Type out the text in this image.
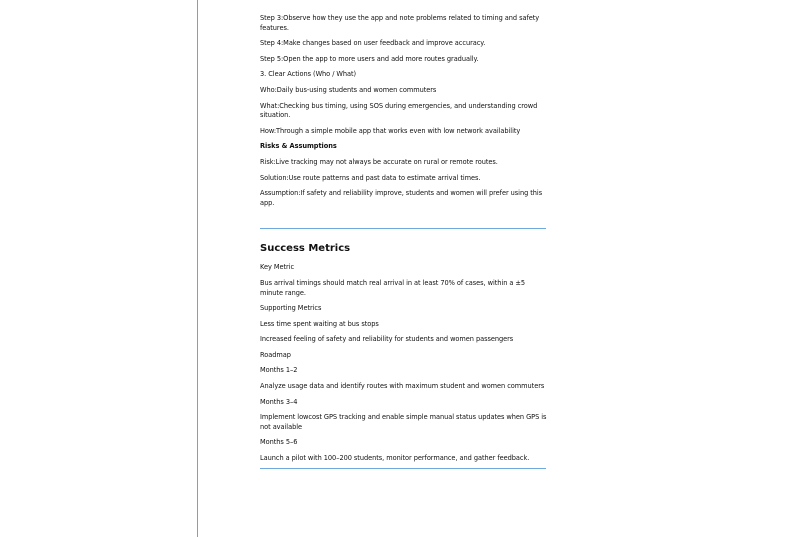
Step 3:Observe how they use the app and note problems related to timing and safety features.

Step 4:Make changes based on user feedback and improve accuracy.

Step 5:Open the app to more users and add more routes gradually.

3. Clear Actions (Who / What)

Who:Daily bus-using students and women commuters

What:Checking bus timing, using SOS during emergencies, and understanding crowd situation.

How:Through a simple mobile app that works even with low network availability

Risks & Assumptions

Risk:Live tracking may not always be accurate on rural or remote routes.

Solution:Use route patterns and past data to estimate arrival times.

Assumption:If safety and reliability improve, students and women will prefer using this app.

Success Metrics

Key Metric

Bus arrival timings should match real arrival in at least 70% of cases, within a ±5 minute range.

Supporting Metrics

Less time spent waiting at bus stops

Increased feeling of safety and reliability for students and women passengers

Roadmap

Months 1–2

Analyze usage data and identify routes with maximum student and women commuters

Months 3–4

Implement lowcost GPS tracking and enable simple manual status updates when GPS is not available

Months 5–6

Launch a pilot with 100–200 students, monitor performance, and gather feedback.
